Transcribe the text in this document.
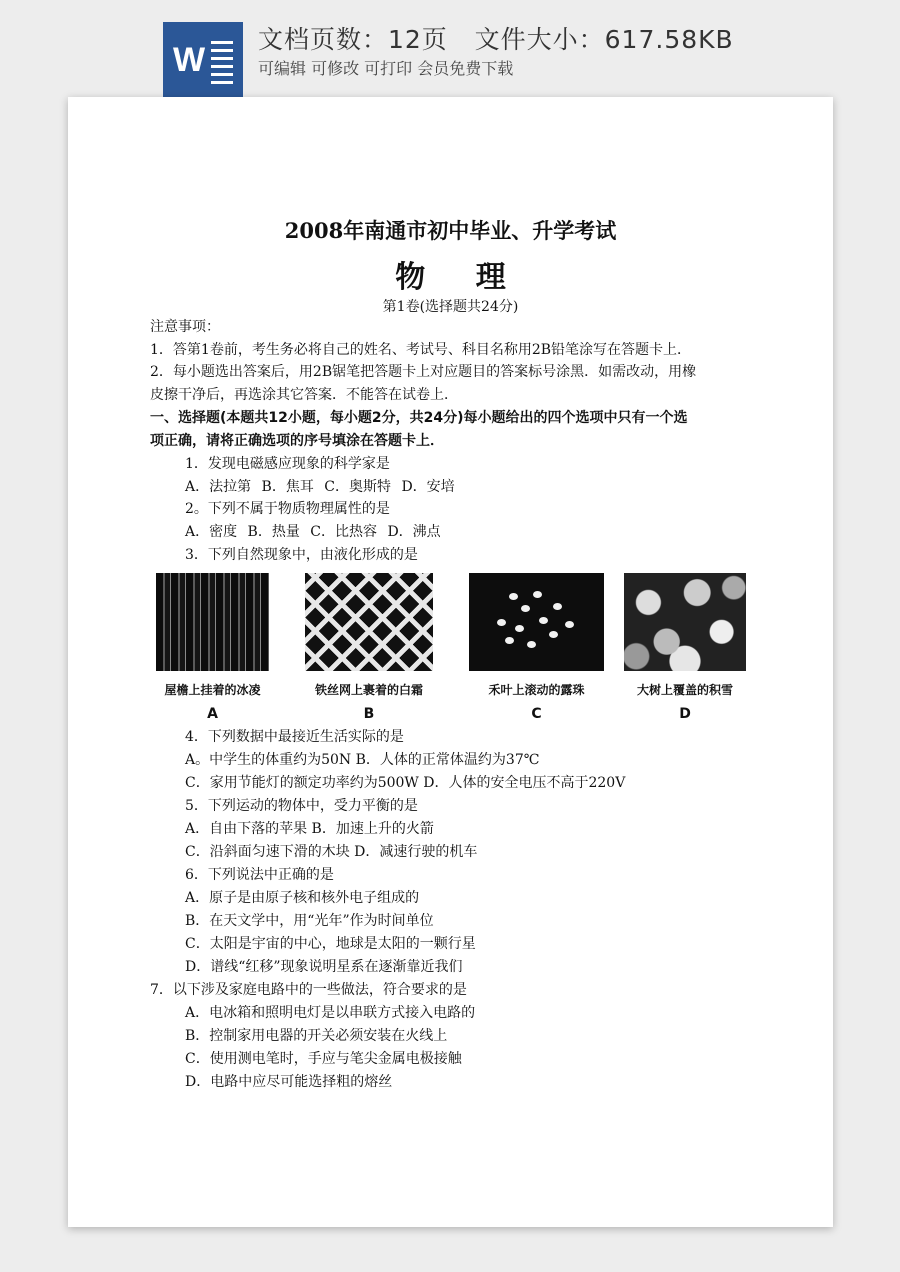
W
文档页数：12页   文件大小：617.58KB
可编辑 可修改 可打印 会员免费下载
2008年南通市初中毕业、升学考试
物 理
第1卷(选择题共24分)
注意事项：
1．答第1卷前，考生务必将自己的姓名、考试号、科目名称用2B铅笔涂写在答题卡上．
2．每小题选出答案后，用2B锯笔把答题卡上对应题目的答案标号涂黑．如需改动，用橡
皮擦干净后，再选涂其它答案．不能答在试卷上．
一、选择题(本题共12小题，每小题2分，共24分)每小题给出的四个选项中只有一个选
项正确，请将正确选项的序号填涂在答题卡上．
1．发现电磁感应现象的科学家是
A．法拉第 B．焦耳 C．奥斯特 D．安培
2。下列不属于物质物理属性的是
A．密度 B．热量 C．比热容 D．沸点
3．下列自然现象中，由液化形成的是
屋檐上挂着的冰凌
A
铁丝网上裹着的白霜
B
禾叶上滚动的露珠
C
大树上覆盖的积雪
D
4．下列数据中最接近生活实际的是
A。中学生的体重约为50N B．人体的正常体温约为37℃
C．家用节能灯的额定功率约为500W D．人体的安全电压不高于220V
5．下列运动的物体中，受力平衡的是
A．自由下落的苹果 B．加速上升的火箭
C．沿斜面匀速下滑的木块 D．减速行驶的机车
6．下列说法中正确的是
A．原子是由原子核和核外电子组成的
B．在天文学中，用“光年”作为时间单位
C．太阳是宇宙的中心，地球是太阳的一颗行星
D．谱线“红移”现象说明星系在逐渐靠近我们
7．以下涉及家庭电路中的一些做法，符合要求的是
A．电冰箱和照明电灯是以串联方式接入电路的
B．控制家用电器的开关必须安装在火线上
C．使用测电笔时，手应与笔尖金属电极接触
D．电路中应尽可能选择粗的熔丝
